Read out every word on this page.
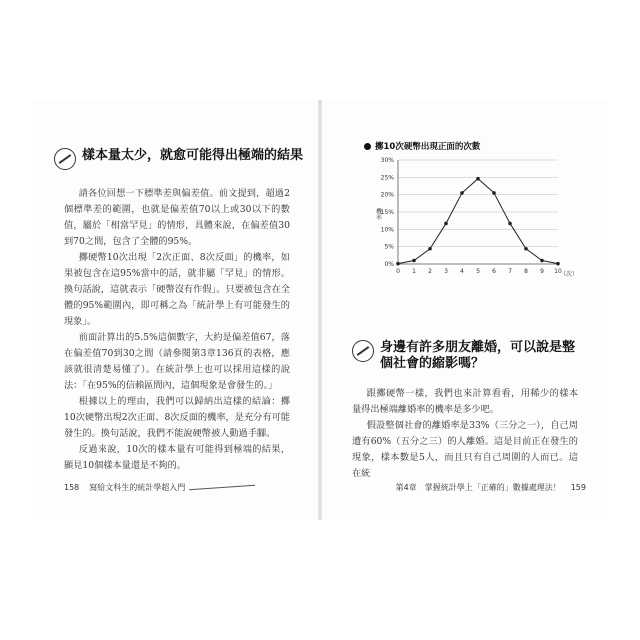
樣本量太少，就愈可能得出極端的結果

請各位回想一下標準差與偏差值。前文提到，超過2個標準差的範圍，也就是偏差值70以上或30以下的數值，屬於「相當罕見」的情形，具體來說，在偏差值30到70之間，包含了全體的95%。

擲硬幣10次出現「2次正面、8次反面」的機率，如果被包含在這95%當中的話，就非屬「罕見」的情形。換句話說，這就表示「硬幣沒有作假」。只要被包含在全體的95%範圍內，即可稱之為「統計學上有可能發生的現象」。

前面計算出的5.5%這個數字，大約是偏差值67，落在偏差值70到30之間（請參閱第3章136頁的表格，應該就很清楚易懂了）。在統計學上也可以採用這樣的說法：「在95%的信賴區間內，這個現象是會發生的。」

根據以上的理由，我們可以歸納出這樣的結論：擲10次硬幣出現2次正面、8次反面的機率，是充分有可能發生的。換句話說，我們不能說硬幣被人動過手腳。

反過來說，10次的樣本量有可能得到極端的結果，顯見10個樣本量還是不夠的。

158 寫給文科生的統計學超入門
擲10次硬幣出現正面的次數
0%
5%
10%
15%
20%
25%
30%
0 1 2 3 4 5 6 7 8 9 10
機率
（次）
身邊有許多朋友離婚，可以說是整個社會的縮影嗎？

跟擲硬幣一樣，我們也來計算看看，用稀少的樣本量得出極端離婚率的機率是多少吧。

假設整個社會的離婚率是33%（三分之一），自己周遭有60%（五分之三）的人離婚。這是目前正在發生的現象，樣本數是5人，而且只有自己周圍的人而已。這在統

第4章　掌握統計學上「正確的」數據處理法！ 159
